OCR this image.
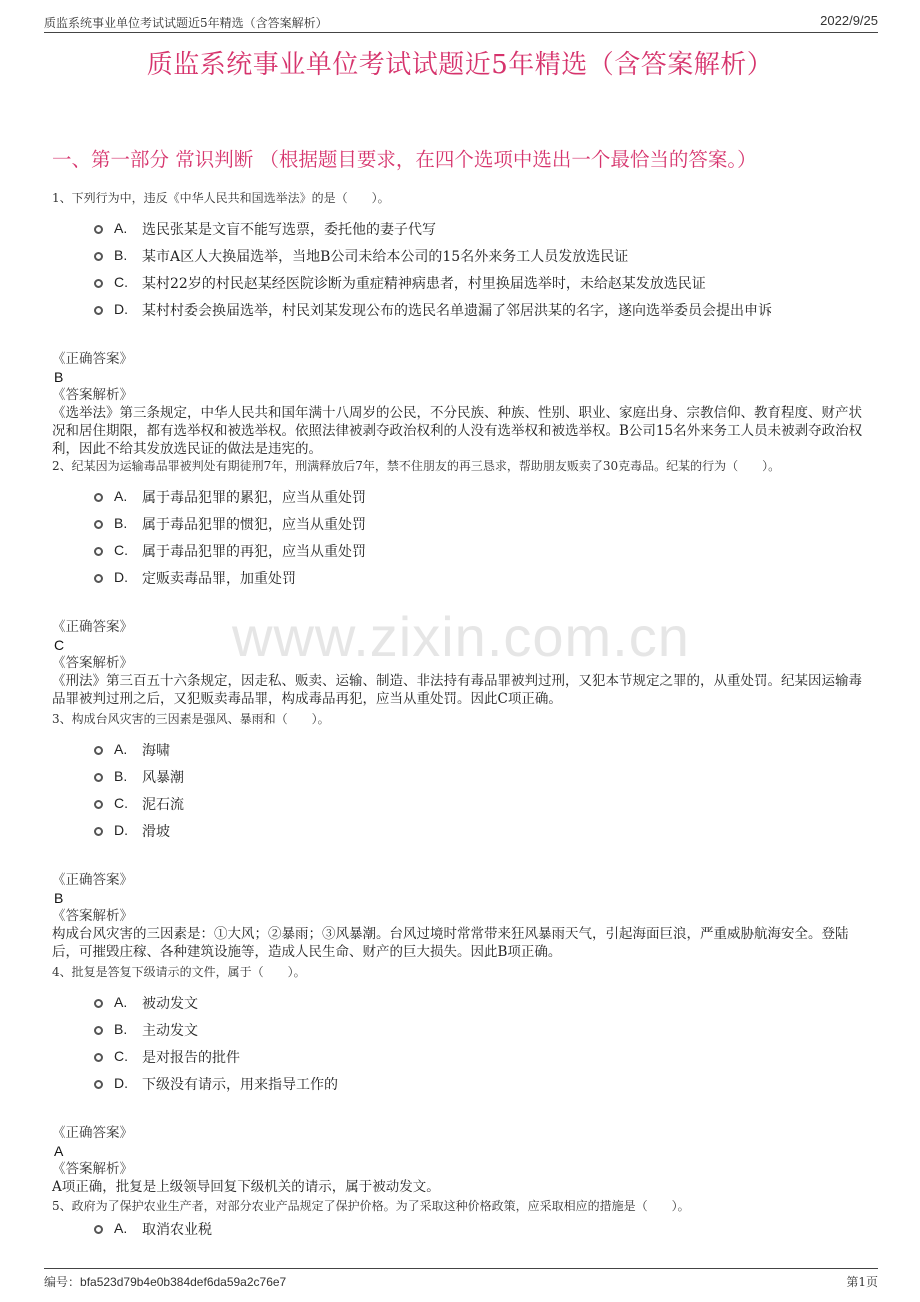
质监系统事业单位考试试题近5年精选（含答案解析）	2022/9/25
质监系统事业单位考试试题近5年精选（含答案解析）
一、第一部分 常识判断 （根据题目要求，在四个选项中选出一个最恰当的答案。）
www.zixin.com.cn
1、下列行为中，违反《中华人民共和国选举法》的是（　　）。
A. 选民张某是文盲不能写选票，委托他的妻子代写
B. 某市A区人大换届选举，当地B公司未给本公司的15名外来务工人员发放选民证
C. 某村22岁的村民赵某经医院诊断为重症精神病患者，村里换届选举时，未给赵某发放选民证
D. 某村村委会换届选举，村民刘某发现公布的选民名单遗漏了邻居洪某的名字，遂向选举委员会提出申诉
《正确答案》
B
《答案解析》
《选举法》第三条规定，中华人民共和国年满十八周岁的公民，不分民族、种族、性别、职业、家庭出身、宗教信仰、教育程度、财产状况和居住期限，都有选举权和被选举权。依照法律被剥夺政治权利的人没有选举权和被选举权。B公司15名外来务工人员未被剥夺政治权利，因此不给其发放选民证的做法是违宪的。
2、纪某因为运输毒品罪被判处有期徒刑7年，刑满释放后7年，禁不住朋友的再三恳求，帮助朋友贩卖了30克毒品。纪某的行为（　　）。
A. 属于毒品犯罪的累犯，应当从重处罚
B. 属于毒品犯罪的惯犯，应当从重处罚
C. 属于毒品犯罪的再犯，应当从重处罚
D. 定贩卖毒品罪，加重处罚
《正确答案》
C
《答案解析》
《刑法》第三百五十六条规定，因走私、贩卖、运输、制造、非法持有毒品罪被判过刑，又犯本节规定之罪的，从重处罚。纪某因运输毒品罪被判过刑之后，又犯贩卖毒品罪，构成毒品再犯，应当从重处罚。因此C项正确。
3、构成台风灾害的三因素是强风、暴雨和（　　）。
A. 海啸
B. 风暴潮
C. 泥石流
D. 滑坡
《正确答案》
B
《答案解析》
构成台风灾害的三因素是：①大风；②暴雨；③风暴潮。台风过境时常常带来狂风暴雨天气，引起海面巨浪，严重威胁航海安全。登陆后，可摧毁庄稼、各种建筑设施等，造成人民生命、财产的巨大损失。因此B项正确。
4、批复是答复下级请示的文件，属于（　　）。
A. 被动发文
B. 主动发文
C. 是对报告的批件
D. 下级没有请示，用来指导工作的
《正确答案》
A
《答案解析》
A项正确，批复是上级领导回复下级机关的请示，属于被动发文。
5、政府为了保护农业生产者，对部分农业产品规定了保护价格。为了采取这种价格政策，应采取相应的措施是（　　）。
A. 取消农业税
编号：bfa523d79b4e0b384def6da59a2c76e7	第1页
